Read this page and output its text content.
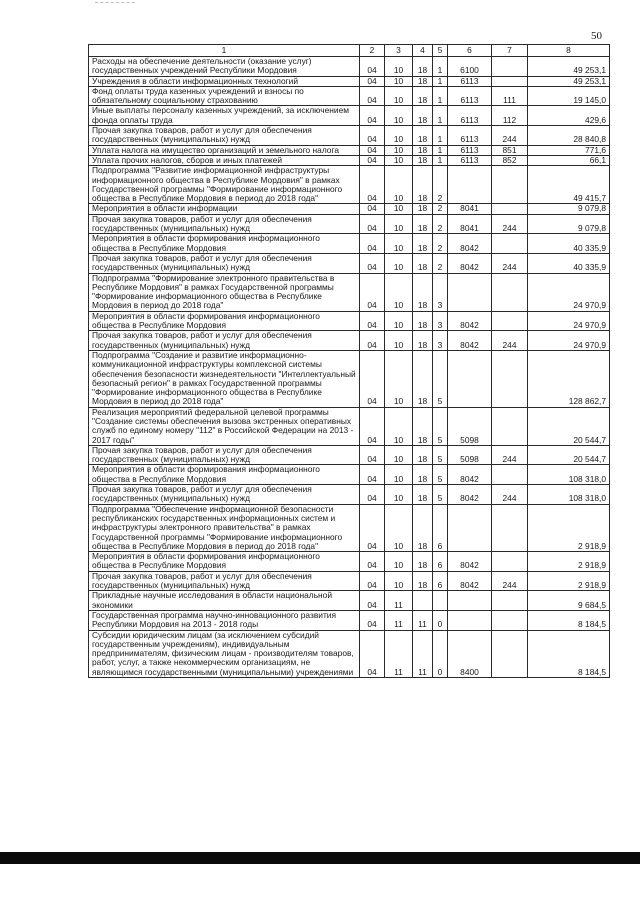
50
1	2	3	4	5	6	7	8
Расходы на обеспечение деятельности (оказание услуг) государственных учреждений Республики Мордовия	04	10	18	1	6100		49 253,1
Учреждения в области информационных технологий	04	10	18	1	6113		49 253,1
Фонд оплаты труда казенных учреждений и взносы по обязательному социальному страхованию	04	10	18	1	6113	111	19 145,0
Иные выплаты персоналу казенных учреждений, за исключением фонда оплаты труда	04	10	18	1	6113	112	429,6
Прочая закупка товаров, работ и услуг для обеспечения государственных (муниципальных) нужд	04	10	18	1	6113	244	28 840,8
Уплата налога на имущество организаций и земельного налога	04	10	18	1	6113	851	771,6
Уплата прочих налогов, сборов и иных платежей	04	10	18	1	6113	852	66,1
Подпрограмма "Развитие информационной инфраструктуры информационного общества в Республике Мордовия" в рамках Государственной программы "Формирование информационного общества в Республике Мордовия в период до 2018 года"	04	10	18	2			49 415,7
Мероприятия в области информации	04	10	18	2	8041		9 079,8
Прочая закупка товаров, работ и услуг для обеспечения государственных (муниципальных) нужд	04	10	18	2	8041	244	9 079,8
Мероприятия в области формирования информационного общества в Республике Мордовия	04	10	18	2	8042		40 335,9
Прочая закупка товаров, работ и услуг для обеспечения государственных (муниципальных) нужд	04	10	18	2	8042	244	40 335,9
Подпрограмма "Формирование электронного правительства в Республике Мордовия" в рамках Государственной программы "Формирование информационного общества в Республике Мордовия в период до 2018 года"	04	10	18	3			24 970,9
Мероприятия в области формирования информационного общества в Республике Мордовия	04	10	18	3	8042		24 970,9
Прочая закупка товаров, работ и услуг для обеспечения государственных (муниципальных) нужд	04	10	18	3	8042	244	24 970,9
Подпрограмма "Создание и развитие информационно-коммуникационной инфраструктуры комплексной системы обеспечения безопасности жизнедеятельности "Интеллектуальный безопасный регион" в рамках Государственной программы "Формирование информационного общества в Республике Мордовия в период до 2018 года"	04	10	18	5			128 862,7
Реализация мероприятий федеральной целевой программы "Создание системы обеспечения вызова экстренных оперативных служб по единому номеру "112" в Российской Федерации на 2013 - 2017 годы"	04	10	18	5	5098		20 544,7
Прочая закупка товаров, работ и услуг для обеспечения государственных (муниципальных) нужд	04	10	18	5	5098	244	20 544,7
Мероприятия в области формирования информационного общества в Республике Мордовия	04	10	18	5	8042		108 318,0
Прочая закупка товаров, работ и услуг для обеспечения государственных (муниципальных) нужд	04	10	18	5	8042	244	108 318,0
Подпрограмма "Обеспечение информационной безопасности республиканских государственных информационных систем и инфраструктуры электронного правительства" в рамках Государственной программы "Формирование информационного общества в Республике Мордовия в период до 2018 года"	04	10	18	6			2 918,9
Мероприятия в области формирования информационного общества в Республике Мордовия	04	10	18	6	8042		2 918,9
Прочая закупка товаров, работ и услуг для обеспечения государственных (муниципальных) нужд	04	10	18	6	8042	244	2 918,9
Прикладные научные исследования в области национальной экономики	04	11					9 684,5
Государственная программа научно-инновационного развития Республики Мордовия на 2013 - 2018 годы	04	11	11	0			8 184,5
Субсидии юридическим лицам (за исключением субсидий государственным учреждениям), индивидуальным предпринимателям, физическим лицам - производителям товаров, работ, услуг, а также некоммерческим организациям, не являющимся государственными (муниципальными) учреждениями	04	11	11	0	8400		8 184,5
